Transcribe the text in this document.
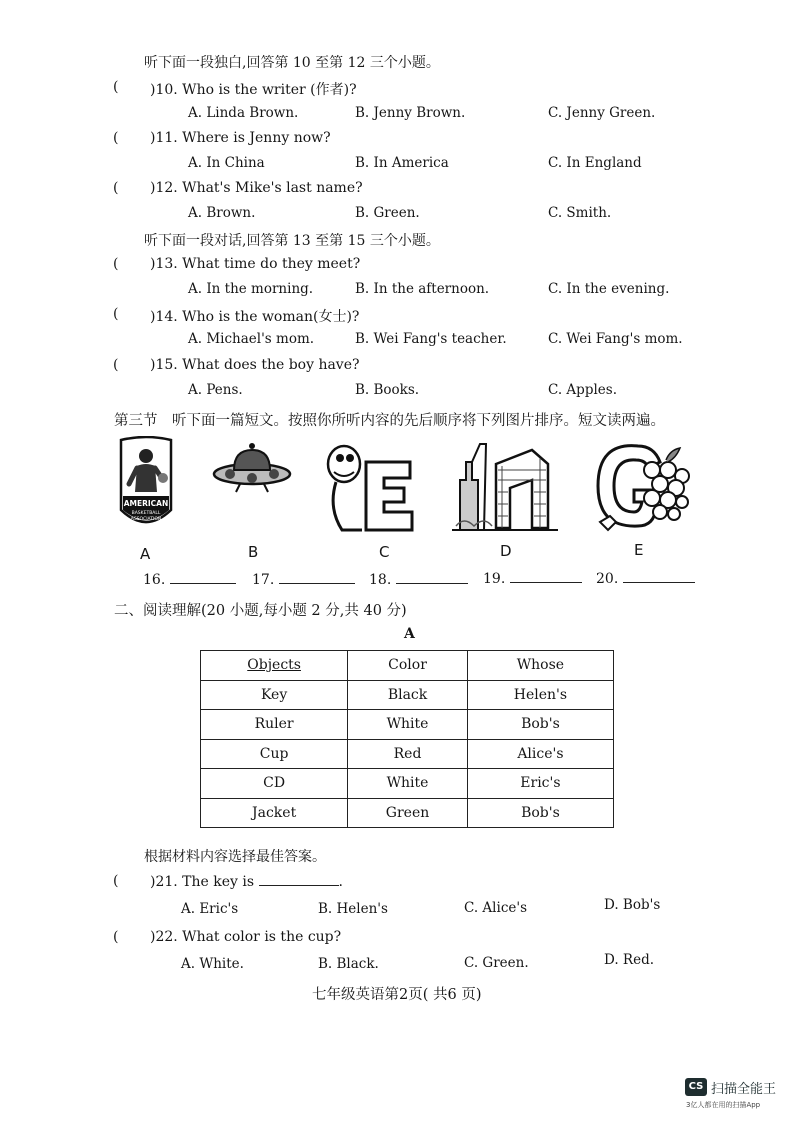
听下面一段独白,回答第 10 至第 12 三个小题。
( )10. Who is the writer (作者)?
A. Linda Brown.	B. Jenny Brown.	C. Jenny Green.
( )11. Where is Jenny now?
A. In China	B. In America	C. In England
( )12. What's Mike's last name?
A. Brown.	B. Green.	C. Smith.
听下面一段对话,回答第 13 至第 15 三个小题。
( )13. What time do they meet?
A. In the morning.	B. In the afternoon.	C. In the evening.
( )14. Who is the woman(女士)?
A. Michael's mom.	B. Wei Fang's teacher.	C. Wei Fang's mom.
( )15. What does the boy have?
A. Pens.	B. Books.	C. Apples.
第三节　听下面一篇短文。按照你所听内容的先后顺序将下列图片排序。短文读两遍。
AMERICAN
BASKETBALL
ASSOCIATION
E
A	B	C	D	E
16.	17.	18.	19.	20.
二、阅读理解(20 小题,每小题 2 分,共 40 分)
A
Objects	Color	Whose
Key	Black	Helen's
Ruler	White	Bob's
Cup	Red	Alice's
CD	White	Eric's
Jacket	Green	Bob's
根据材料内容选择最佳答案。
( )21. The key is	.
A. Eric's	B. Helen's	C. Alice's	D. Bob's
( )22. What color is the cup?
A. White.	B. Black.	C. Green.	D. Red.
七年级英语第2页( 共6 页)
CS 扫描全能王
3亿人都在用的扫描App
